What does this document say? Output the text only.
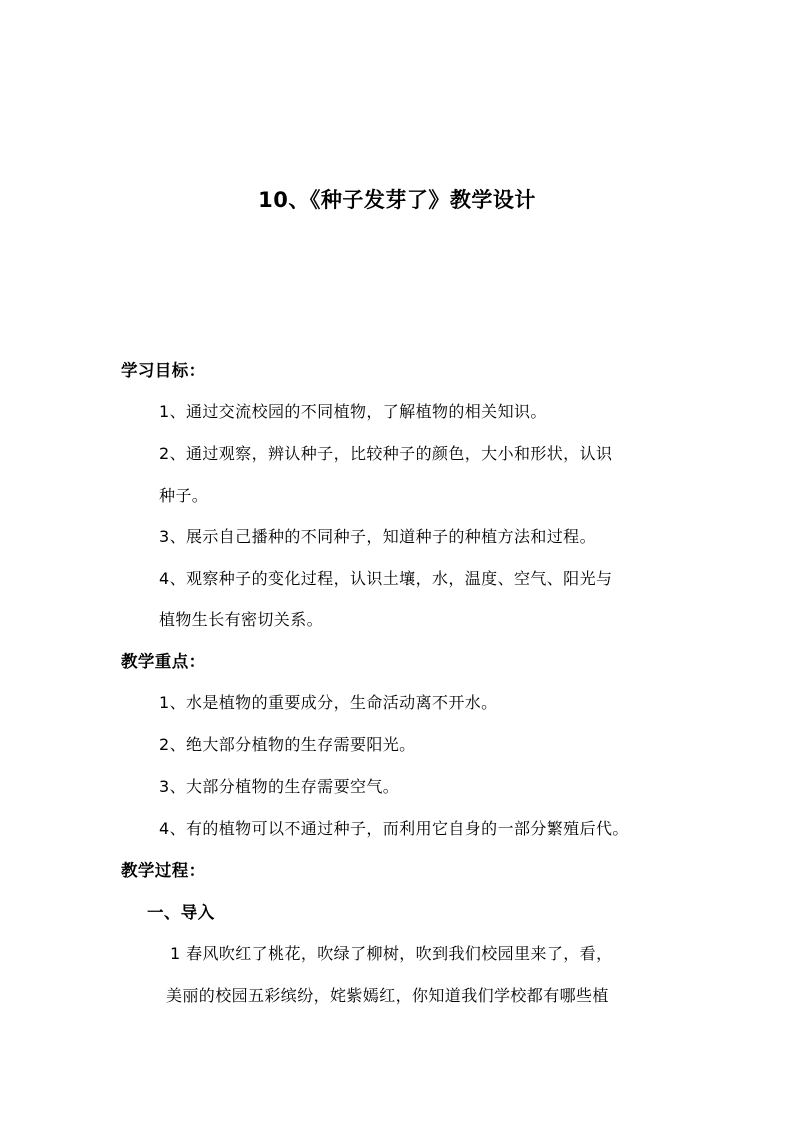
10、《种子发芽了》教学设计
学习目标：
1、通过交流校园的不同植物，了解植物的相关知识。
2、通过观察，辨认种子，比较种子的颜色，大小和形状，认识
种子。
3、展示自己播种的不同种子，知道种子的种植方法和过程。
4、观察种子的变化过程，认识土壤，水，温度、空气、阳光与
植物生长有密切关系。
教学重点：
1、水是植物的重要成分，生命活动离不开水。
2、绝大部分植物的生存需要阳光。
3、大部分植物的生存需要空气。
4、有的植物可以不通过种子，而利用它自身的一部分繁殖后代。
教学过程：
一、导入
1 春风吹红了桃花，吹绿了柳树，吹到我们校园里来了，看，
美丽的校园五彩缤纷，姹紫嫣红，你知道我们学校都有哪些植
